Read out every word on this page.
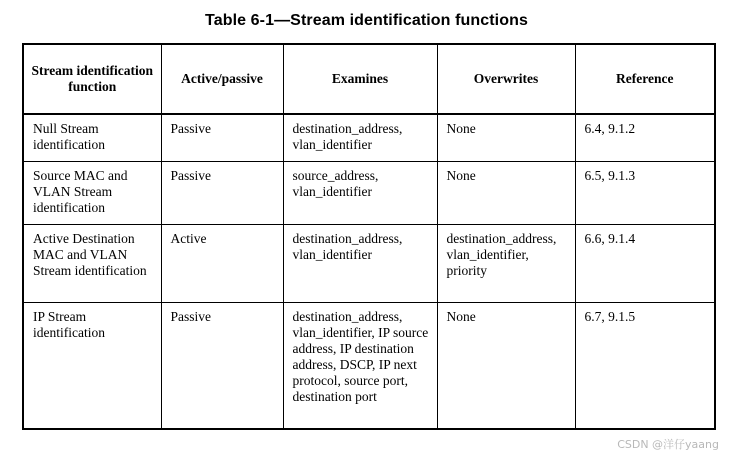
Table 6-1—Stream identification functions
Stream identification function	Active/passive	Examines	Overwrites	Reference
Null Stream identification	Passive	destination_address, vlan_identifier	None	6.4, 9.1.2
Source MAC and VLAN Stream identification	Passive	source_address, vlan_identifier	None	6.5, 9.1.3
Active Destination MAC and VLAN Stream identification	Active	destination_address, vlan_identifier	destination_address, vlan_identifier, priority	6.6, 9.1.4
IP Stream identification	Passive	destination_address, vlan_identifier, IP source address, IP destination address, DSCP, IP next protocol, source port, destination port	None	6.7, 9.1.5
CSDN @洋仔yaang
